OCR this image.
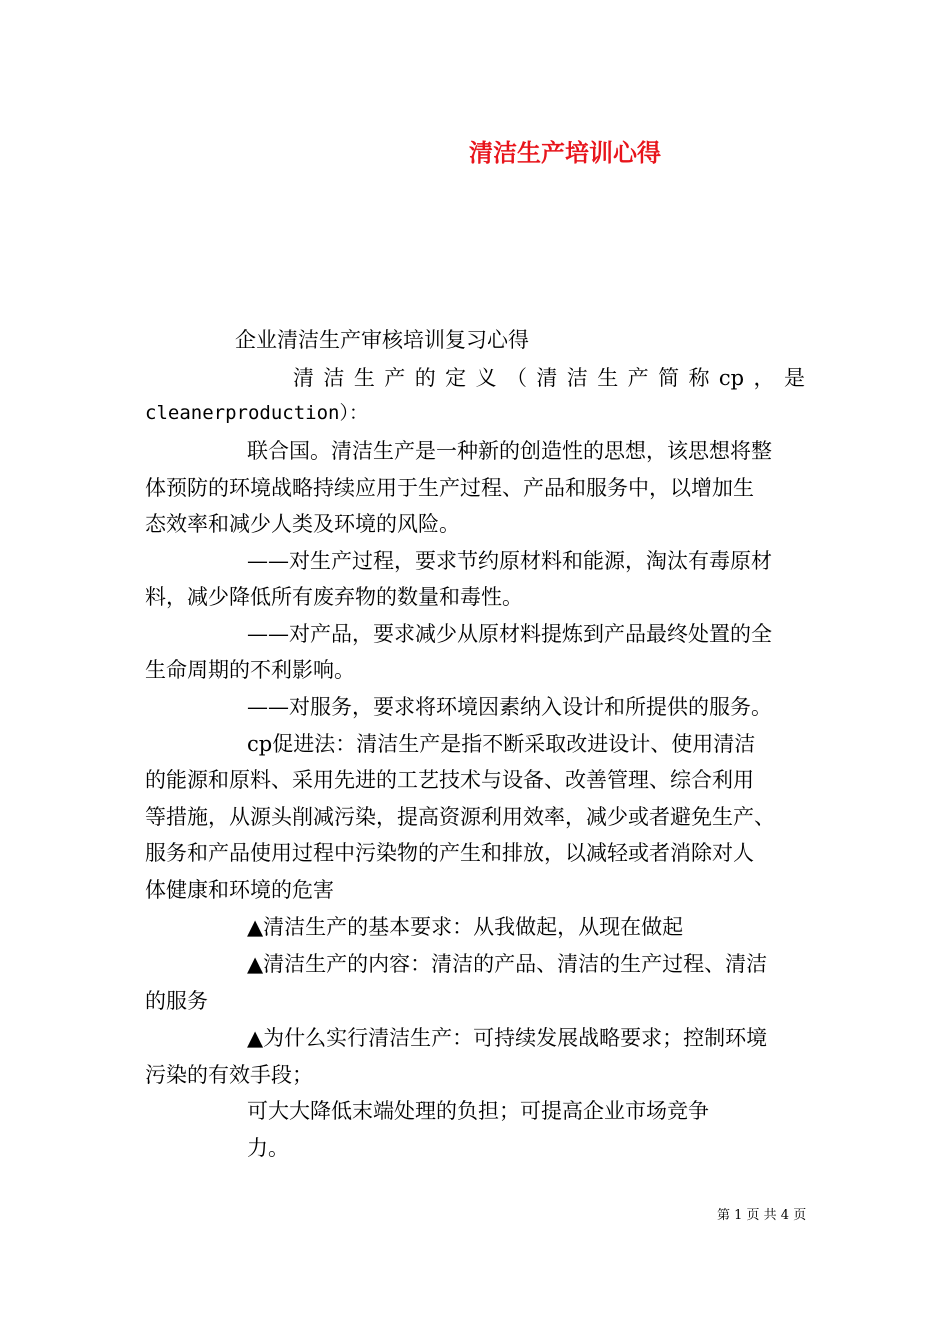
清洁生产培训心得
企业清洁生产审核培训复习心得
清 洁 生 产 的 定 义 （ 清 洁 生 产 简 称 cp ， 是
cleanerproduction）：
联合国。清洁生产是一种新的创造性的思想，该思想将整
体预防的环境战略持续应用于生产过程、产品和服务中，以增加生
态效率和减少人类及环境的风险。
——对生产过程，要求节约原材料和能源，淘汰有毒原材
料，减少降低所有废弃物的数量和毒性。
——对产品，要求减少从原材料提炼到产品最终处置的全
生命周期的不利影响。
——对服务，要求将环境因素纳入设计和所提供的服务。
cp促进法：清洁生产是指不断采取改进设计、使用清洁
的能源和原料、采用先进的工艺技术与设备、改善管理、综合利用
等措施，从源头削减污染，提高资源利用效率，减少或者避免生产、
服务和产品使用过程中污染物的产生和排放，以减轻或者消除对人
体健康和环境的危害
▲清洁生产的基本要求：从我做起，从现在做起
▲清洁生产的内容：清洁的产品、清洁的生产过程、清洁
的服务
▲为什么实行清洁生产：可持续发展战略要求；控制环境
污染的有效手段；
可大大降低末端处理的负担；可提高企业市场竞争
力。
第 1 页 共 4 页
